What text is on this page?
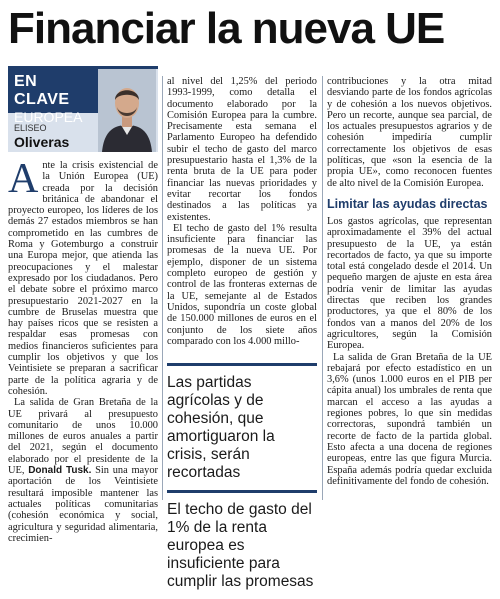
Financiar la nueva UE
EN CLAVE
EUROPEA
ELISEO
Oliveras

Ante la crisis existencial de la Unión Europea (UE) creada por la decisión británica de abandonar el proyecto europeo, los líderes de los demás 27 estados miembros se han comprometido en las cumbres de Roma y Gotemburgo a construir una Europa mejor, que atienda las preocupaciones y el malestar expresado por los ciudadanos. Pero el debate sobre el próximo marco presupuestario 2021-2027 en la cumbre de Bruselas muestra que hay países ricos que se resisten a respaldar esas promesas con medios financieros suficientes para cumplir los objetivos y que los Veintisiete se preparan a sacrificar parte de la política agraria y de cohesión.

La salida de Gran Bretaña de la UE privará al presupuesto comunitario de unos 10.000 millones de euros anuales a partir del 2021, según el documento elaborado por el presidente de la UE, Donald Tusk. Sin una mayor aportación de los Veintisiete resultará imposible mantener las actuales políticas comunitarias (cohesión económica y social, agricultura y seguridad alimentaria, crecimien-

al nivel del 1,25% del periodo 1993-1999, como detalla el documento elaborado por la Comisión Europea para la cumbre. Precisamente esta semana el Parlamento Europeo ha defendido subir el techo de gasto del marco presupuestario hasta el 1,3% de la renta bruta de la UE para poder financiar las nuevas prioridades y evitar recortar los fondos destinados a las políticas ya existentes.

El techo de gasto del 1% resulta insuficiente para financiar las promesas de la nueva UE. Por ejemplo, disponer de un sistema completo europeo de gestión y control de las fronteras externas de la UE, semejante al de Estados Unidos, supondría un coste global de 150.000 millones de euros en el conjunto de los siete años comparado con los 4.000 millo-

Las partidas agrícolas y de cohesión, que amortiguaron la crisis, serán recortadas
El techo de gasto del 1% de la renta europea es insuficiente para cumplir las promesas

contribuciones y la otra mitad desviando parte de los fondos agrícolas y de cohesión a los nuevos objetivos. Pero un recorte, aunque sea parcial, de los actuales presupuestos agrarios y de cohesión impediría cumplir correctamente los objetivos de esas políticas, que «son la esencia de la propia UE», como reconocen fuentes de alto nivel de la Comisión Europea.

Limitar las ayudas directas

Los gastos agrícolas, que representan aproximadamente el 39% del actual presupuesto de la UE, ya están recortados de facto, ya que su importe total está congelado desde el 2014. Un pequeño margen de ajuste en esta área podría venir de limitar las ayudas directas que reciben los grandes productores, ya que el 80% de los fondos van a manos del 20% de los agricultores, según la Comisión Europea.

La salida de Gran Bretaña de la UE rebajará por efecto estadístico en un 3,6% (unos 1.000 euros en el PIB per cápita anual) los umbrales de renta que marcan el acceso a las ayudas a regiones pobres, lo que sin medidas correctoras, supondrá también un recorte de facto de la partida global. Esto afecta a una docena de regiones europeas, entre las que figura Murcia. España además podría quedar excluida definitivamente del fondo de cohesión.
